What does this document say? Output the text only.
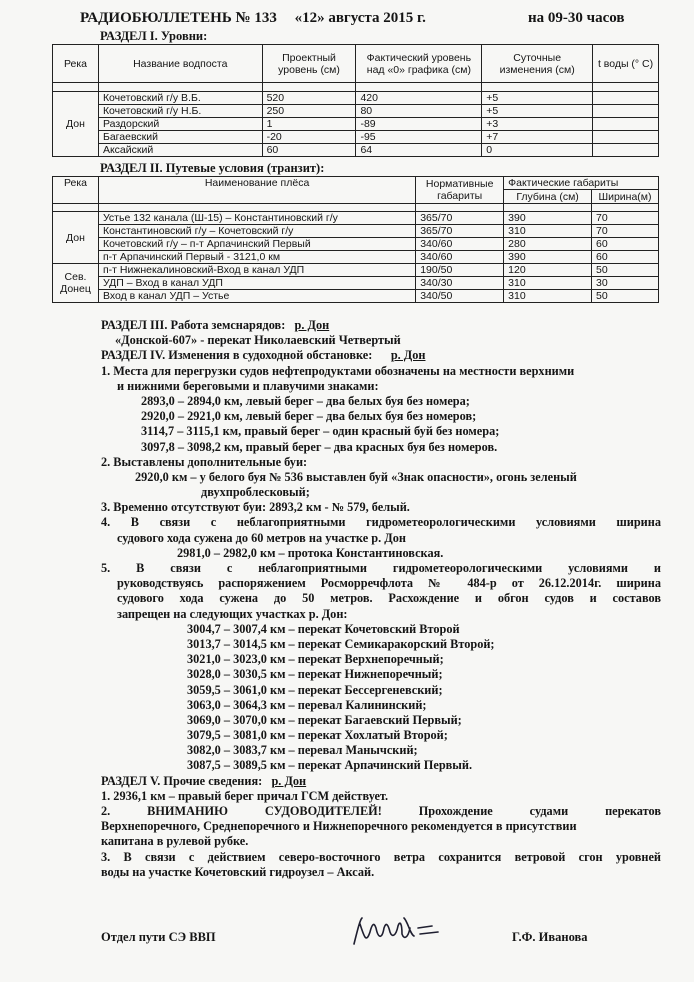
РАДИОБЮЛЛЕТЕНЬ № 133 «12» августа 2015 г.	на 09-30 часов
РАЗДЕЛ I. Уровни:
Река	Название водпоста	Проектный уровень (см)	Фактический уровень над «0» графика (см)	Суточные изменения (см)	t воды (° С)

Дон	Кочетовский г/у В.Б.	520	420	+5	
	Кочетовский г/у Н.Б.	250	80	+5	
	Раздорский	1	-89	+3	
	Багаевский	-20	-95	+7	
	Аксайский	60	64	0	
РАЗДЕЛ II. Путевые условия (транзит):
Река	Наименование плёса	Нормативные габариты	Фактические габариты	
			Глубина (см)	Ширина(м)

Дон	Устье 132 канала (Ш-15) – Константиновский г/у	365/70	390	70
	Константиновский г/у – Кочетовский г/у	365/70	310	70
	Кочетовский г/у – п-т Арпачинский Первый	340/60	280	60
	п-т Арпачинский Первый - 3121,0 км	340/60	390	60
Сев. Донец	п-т Нижнекалиновский-Вход в канал УДП	190/50	120	50
	УДП – Вход в канал УДП	340/30	310	30
	Вход в канал УДП – Устье	340/50	310	50
РАЗДЕЛ III. Работа земснарядов: р. Дон
«Донской-607» - перекат Николаевский Четвертый
РАЗДЕЛ IV. Изменения в судоходной обстановке: р. Дон
1. Места для перегрузки судов нефтепродуктами обозначены на местности верхними
и нижними береговыми и плавучими знаками:
2893,0 – 2894,0 км, левый берег – два белых буя без номера;
2920,0 – 2921,0 км, левый берег – два белых буя без номеров;
3114,7 – 3115,1 км, правый берег – один красный буй без номера;
3097,8 – 3098,2 км, правый берег – два красных буя без номеров.
2. Выставлены дополнительные буи:
2920,0 км – у белого буя № 536 выставлен буй «Знак опасности», огонь зеленый
двухпроблесковый;
3. Временно отсутствуют буи: 2893,2 км - № 579, белый.
4. В связи с неблагоприятными гидрометеорологическими условиями ширина
судового хода сужена до 60 метров на участке р. Дон
2981,0 – 2982,0 км – протока Константиновская.
5. В связи с неблагоприятными гидрометеорологическими условиями и
руководствуясь распоряжением Росморречфлота № 484-р от 26.12.2014г. ширина
судового хода сужена до 50 метров. Расхождение и обгон судов и составов
запрещен на следующих участках р. Дон:
3004,7 – 3007,4 км – перекат Кочетовский Второй
3013,7 – 3014,5 км – перекат Семикаракорский Второй;
3021,0 – 3023,0 км – перекат Верхнепоречный;
3028,0 – 3030,5 км – перекат Нижнепоречный;
3059,5 – 3061,0 км – перекат Бессергеневский;
3063,0 – 3064,3 км – перевал Калининский;
3069,0 – 3070,0 км – перекат Багаевский Первый;
3079,5 – 3081,0 км – перекат Хохлатый Второй;
3082,0 – 3083,7 км – перевал Манычский;
3087,5 – 3089,5 км – перекат Арпачинский Первый.
РАЗДЕЛ V. Прочие сведения: р. Дон
1. 2936,1 км – правый берег причал ГСМ действует.
2. ВНИМАНИЮ СУДОВОДИТЕЛЕЙ! Прохождение судами перекатов
Верхнепоречного, Среднепоречного и Нижнепоречного рекомендуется в присутствии
капитана в рулевой рубке.
3. В связи с действием северо-восточного ветра сохранится ветровой сгон уровней
воды на участке Кочетовский гидроузел – Аксай.
Отдел пути СЭ ВВП	Г.Ф. Иванова
